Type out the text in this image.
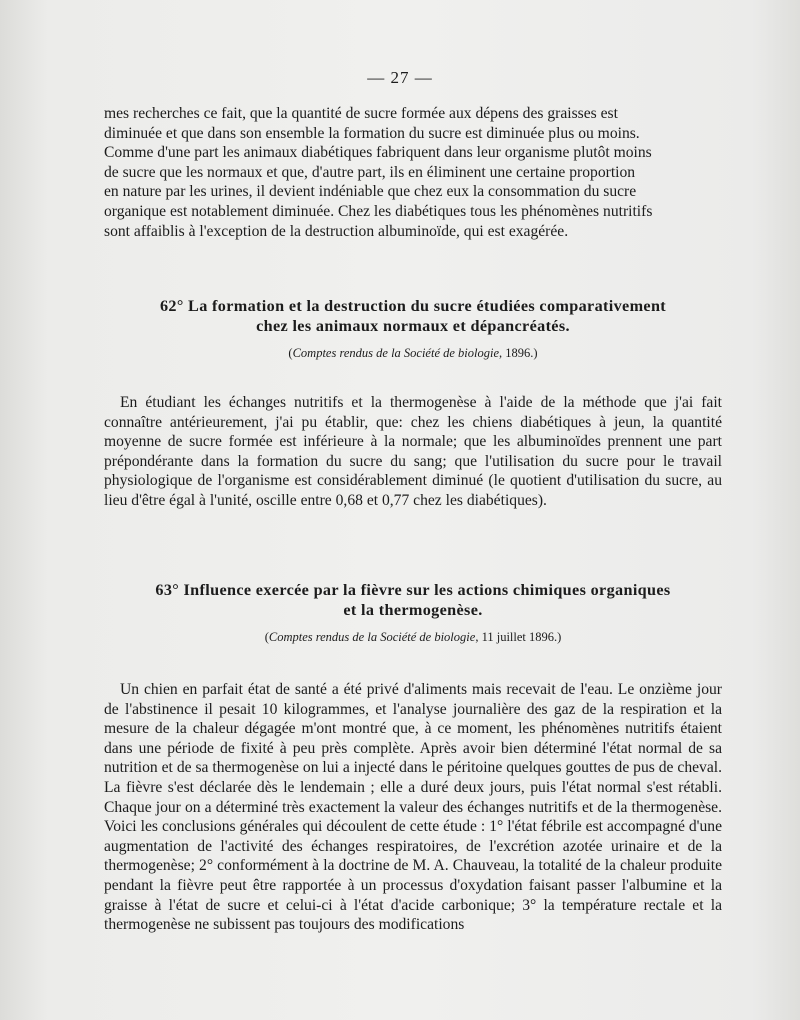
— 27 —

mes recherches ce fait, que la quantité de sucre formée aux dépens des graisses est

diminuée et que dans son ensemble la formation du sucre est diminuée plus ou moins.

Comme d'une part les animaux diabétiques fabriquent dans leur organisme plutôt moins

de sucre que les normaux et que, d'autre part, ils en éliminent une certaine proportion

en nature par les urines, il devient indéniable que chez eux la consommation du sucre

organique est notablement diminuée. Chez les diabétiques tous les phénomènes nutritifs

sont affaiblis à l'exception de la destruction albuminoïde, qui est exagérée.

62° La formation et la destruction du sucre étudiées comparativement
chez les animaux normaux et dépancréatés.
(Comptes rendus de la Société de biologie, 1896.)

En étudiant les échanges nutritifs et la thermogenèse à l'aide de la méthode que j'ai fait connaître antérieurement, j'ai pu établir, que: chez les chiens diabétiques à jeun, la quantité moyenne de sucre formée est inférieure à la normale; que les albuminoïdes prennent une part prépondérante dans la formation du sucre du sang; que l'utilisation du sucre pour le travail physiologique de l'organisme est considérablement diminué (le quotient d'utilisation du sucre, au lieu d'être égal à l'unité, oscille entre 0,68 et 0,77 chez les diabétiques).

63° Influence exercée par la fièvre sur les actions chimiques organiques
et la thermogenèse.
(Comptes rendus de la Société de biologie, 11 juillet 1896.)

Un chien en parfait état de santé a été privé d'aliments mais recevait de l'eau. Le onzième jour de l'abstinence il pesait 10 kilogrammes, et l'analyse journalière des gaz de la respiration et la mesure de la chaleur dégagée m'ont montré que, à ce moment, les phénomènes nutritifs étaient dans une période de fixité à peu près complète. Après avoir bien déterminé l'état normal de sa nutrition et de sa thermogenèse on lui a injecté dans le péritoine quelques gouttes de pus de cheval. La fièvre s'est déclarée dès le lendemain ; elle a duré deux jours, puis l'état normal s'est rétabli. Chaque jour on a déterminé très exactement la valeur des échanges nutritifs et de la thermogenèse. Voici les conclusions générales qui découlent de cette étude : 1° l'état fébrile est accompagné d'une augmentation de l'activité des échanges respiratoires, de l'excrétion azotée urinaire et de la thermogenèse; 2° conformément à la doctrine de M. A. Chauveau, la totalité de la chaleur produite pendant la fièvre peut être rapportée à un processus d'oxydation faisant passer l'albumine et la graisse à l'état de sucre et celui-ci à l'état d'acide carbonique; 3° la température rectale et la thermogenèse ne subissent pas toujours des modifications
